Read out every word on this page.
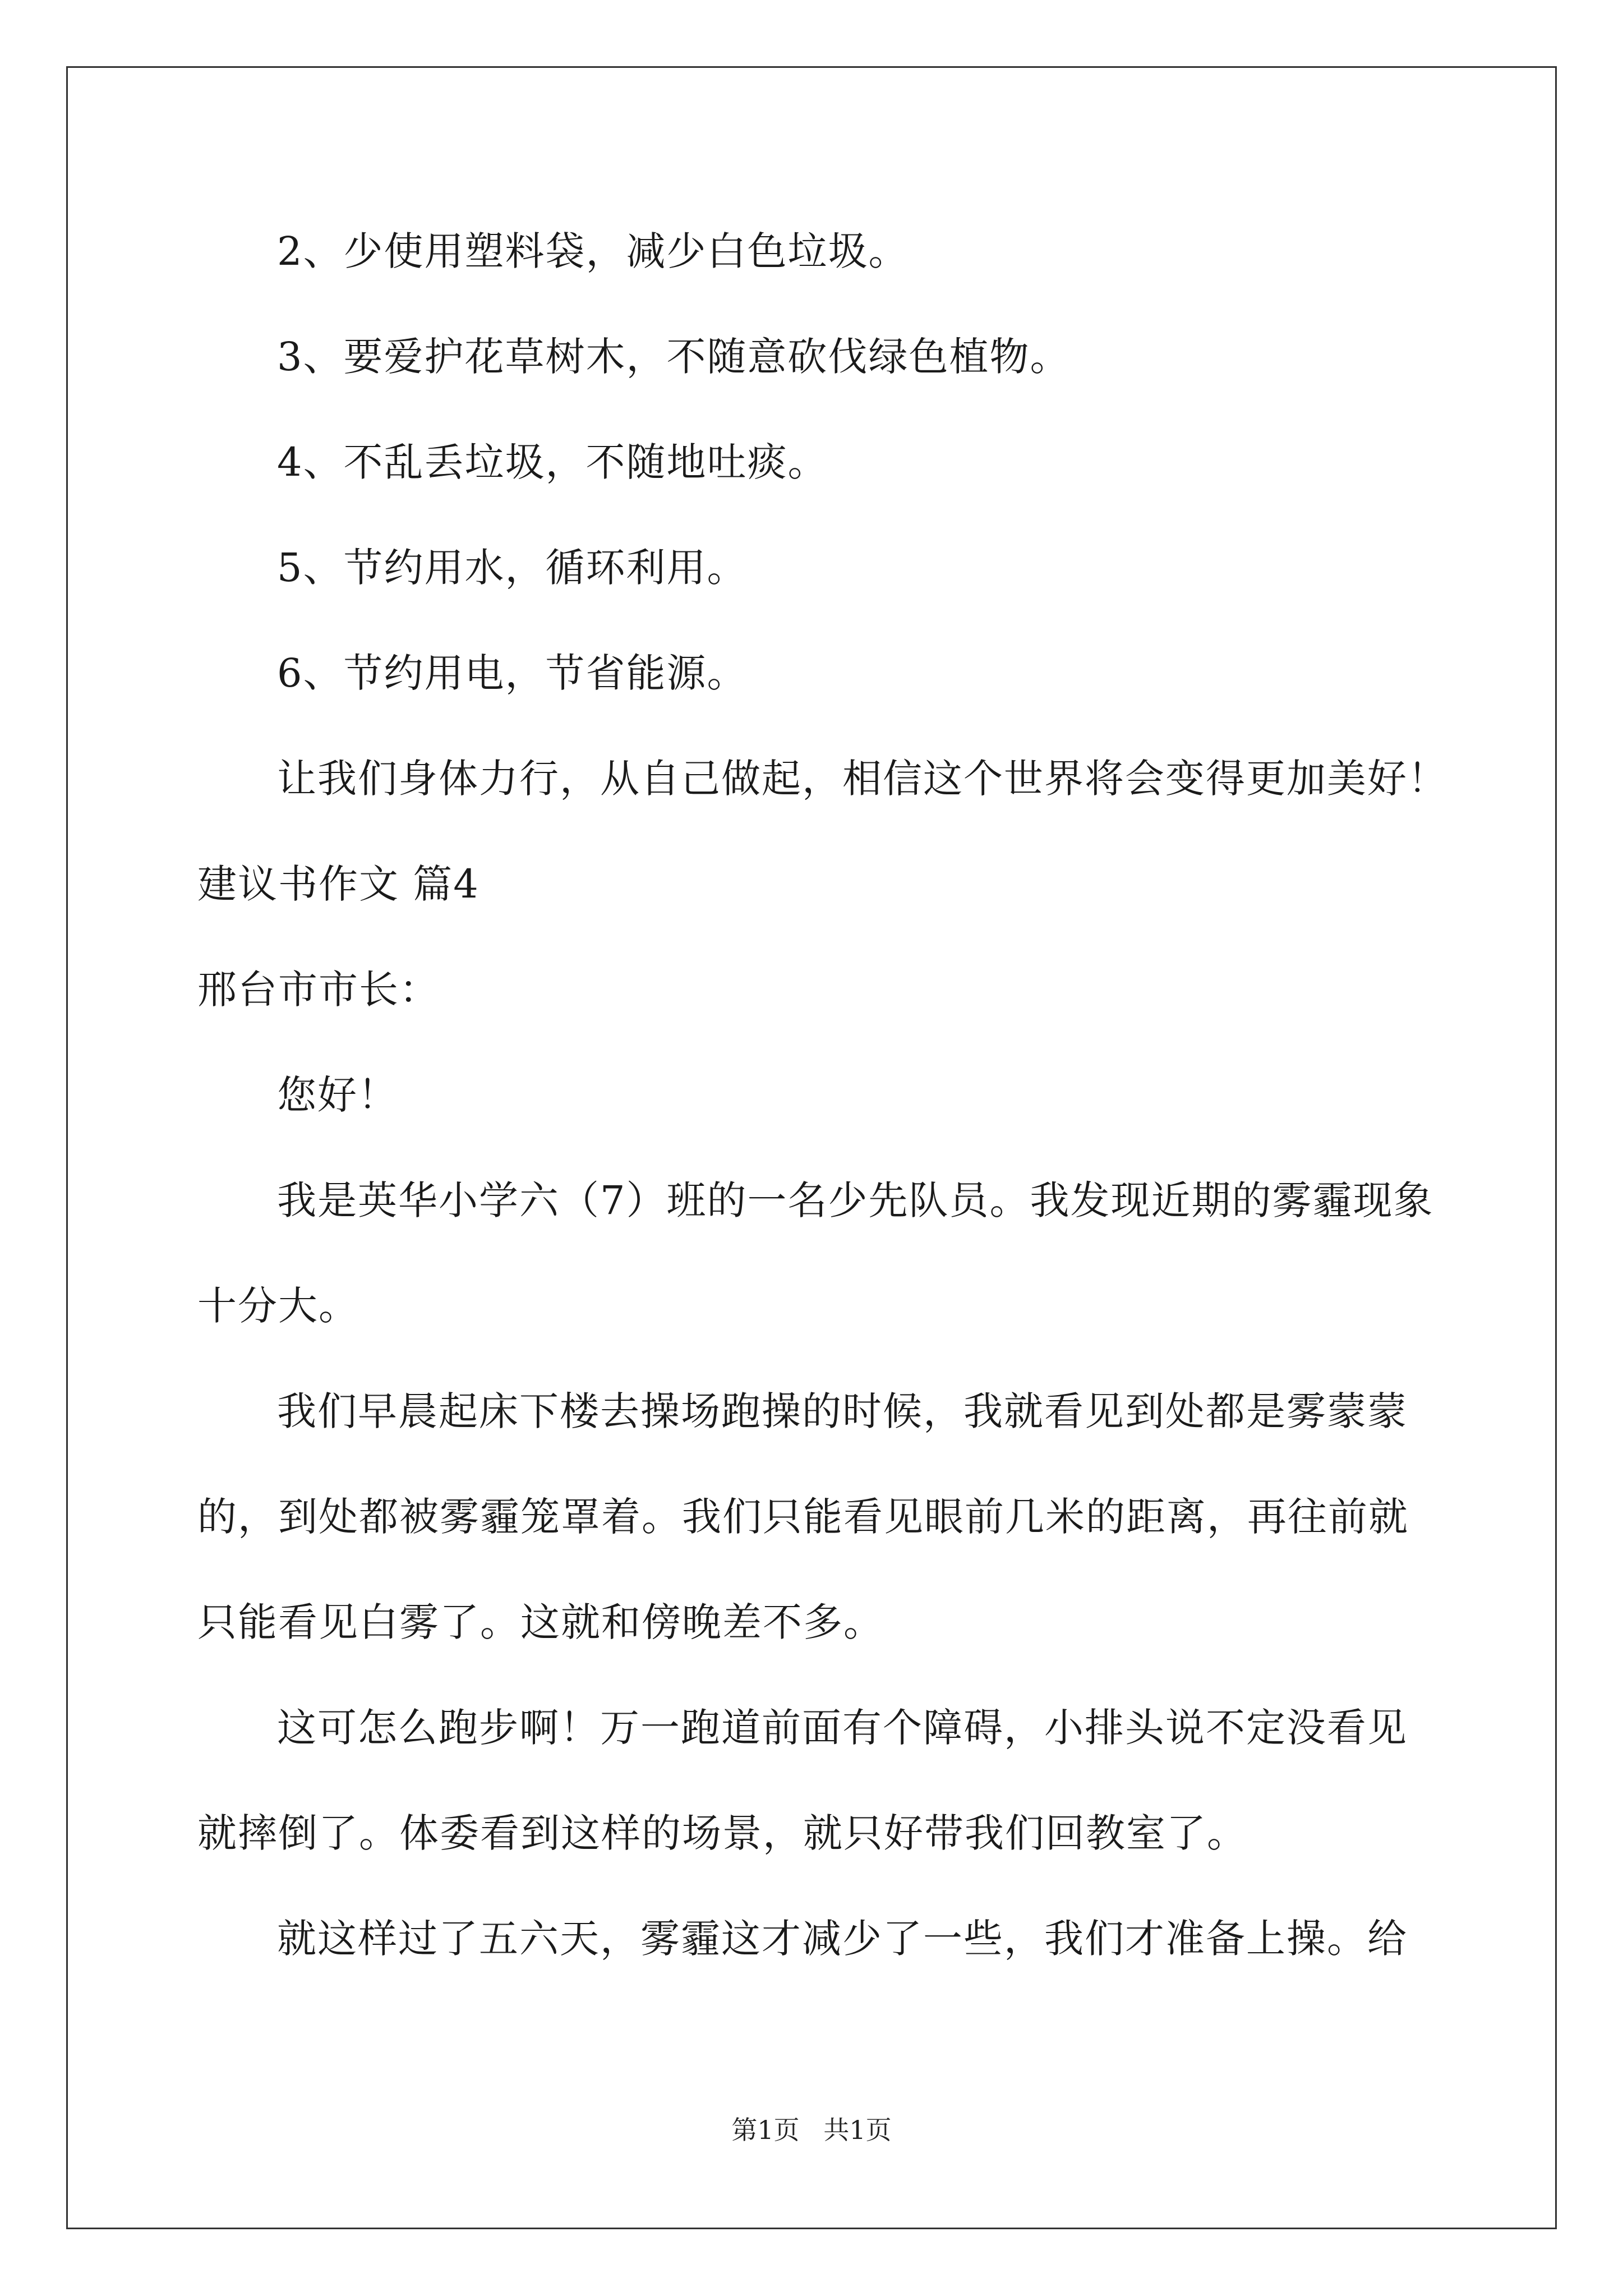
2、少使用塑料袋，减少白色垃圾。
3、要爱护花草树木，不随意砍伐绿色植物。
4、不乱丢垃圾，不随地吐痰。
5、节约用水，循环利用。
6、节约用电，节省能源。
让我们身体力行，从自己做起，相信这个世界将会变得更加美好！
建议书作文 篇4
邢台市市长：
您好！
我是英华小学六（7）班的一名少先队员。我发现近期的雾霾现象
十分大。
我们早晨起床下楼去操场跑操的时候，我就看见到处都是雾蒙蒙
的，到处都被雾霾笼罩着。我们只能看见眼前几米的距离，再往前就
只能看见白雾了。这就和傍晚差不多。
这可怎么跑步啊！万一跑道前面有个障碍，小排头说不定没看见
就摔倒了。体委看到这样的场景，就只好带我们回教室了。
就这样过了五六天，雾霾这才减少了一些，我们才准备上操。给
第1页 共1页
